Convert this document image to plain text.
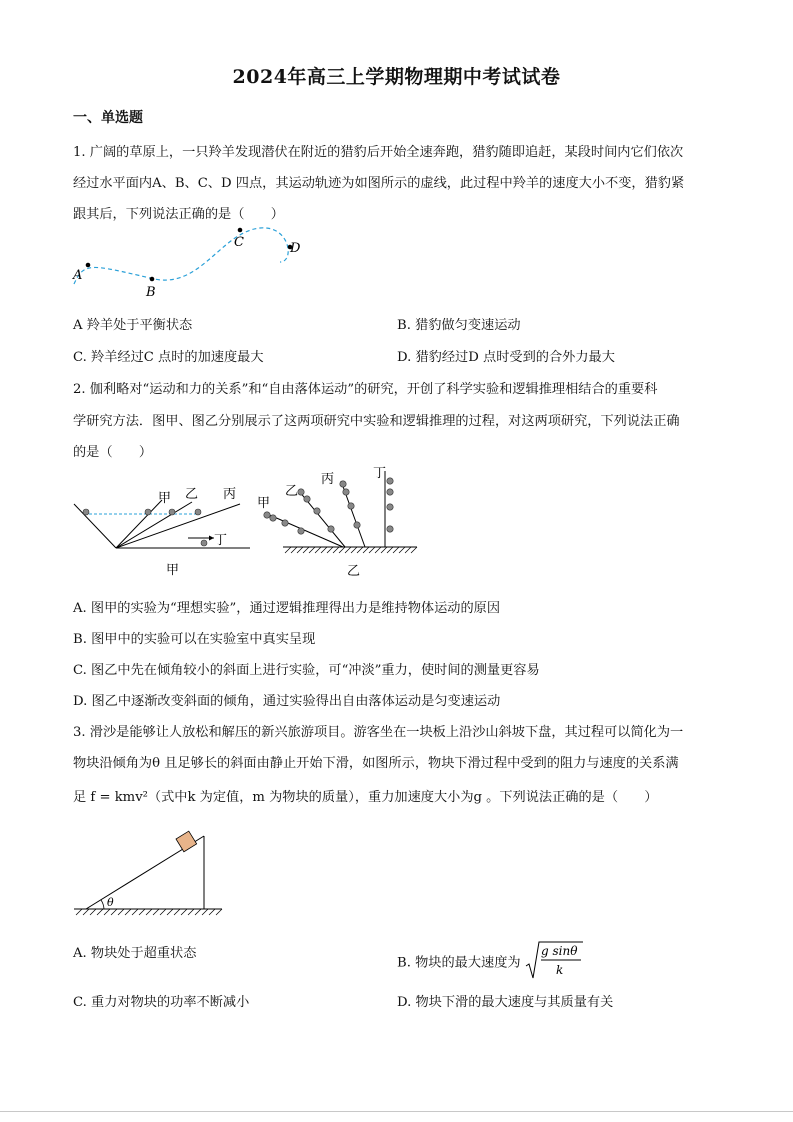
2024年高三上学期物理期中考试试卷
一、单选题
1. 广阔的草原上，一只羚羊发现潜伏在附近的猎豹后开始全速奔跑，猎豹随即追赶，某段时间内它们依次
经过水平面内A、B、C、D 四点，其运动轨迹为如图所示的虚线，此过程中羚羊的速度大小不变，猎豹紧
跟其后，下列说法正确的是（　　）
A
B
C	D
A 羚羊处于平衡状态	B. 猎豹做匀变速运动
C. 羚羊经过C 点时的加速度最大	D. 猎豹经过D 点时受到的合外力最大
2. 伽利略对“运动和力的关系”和“自由落体运动”的研究，开创了科学实验和逻辑推理相结合的重要科
学研究方法．图甲、图乙分别展示了这两项研究中实验和逻辑推理的过程，对这两项研究，下列说法正确
的是（　　）
甲 乙 丙
丁
甲
甲
乙
丙	丁
乙
A. 图甲的实验为“理想实验”，通过逻辑推理得出力是维持物体运动的原因
B. 图甲中的实验可以在实验室中真实呈现
C. 图乙中先在倾角较小的斜面上进行实验，可“冲淡”重力，使时间的测量更容易
D. 图乙中逐渐改变斜面的倾角，通过实验得出自由落体运动是匀变速运动
3. 滑沙是能够让人放松和解压的新兴旅游项目。游客坐在一块板上沿沙山斜坡下盘，其过程可以简化为一
物块沿倾角为θ 且足够长的斜面由静止开始下滑，如图所示，物块下滑过程中受到的阻力与速度的关系满
足 f = kmv²（式中k 为定值，m 为物块的质量），重力加速度大小为g 。下列说法正确的是（　　）
θ
A. 物块处于超重状态
B. 物块的最大速度为
g sinθ
k
C. 重力对物块的功率不断减小	D. 物块下滑的最大速度与其质量有关
